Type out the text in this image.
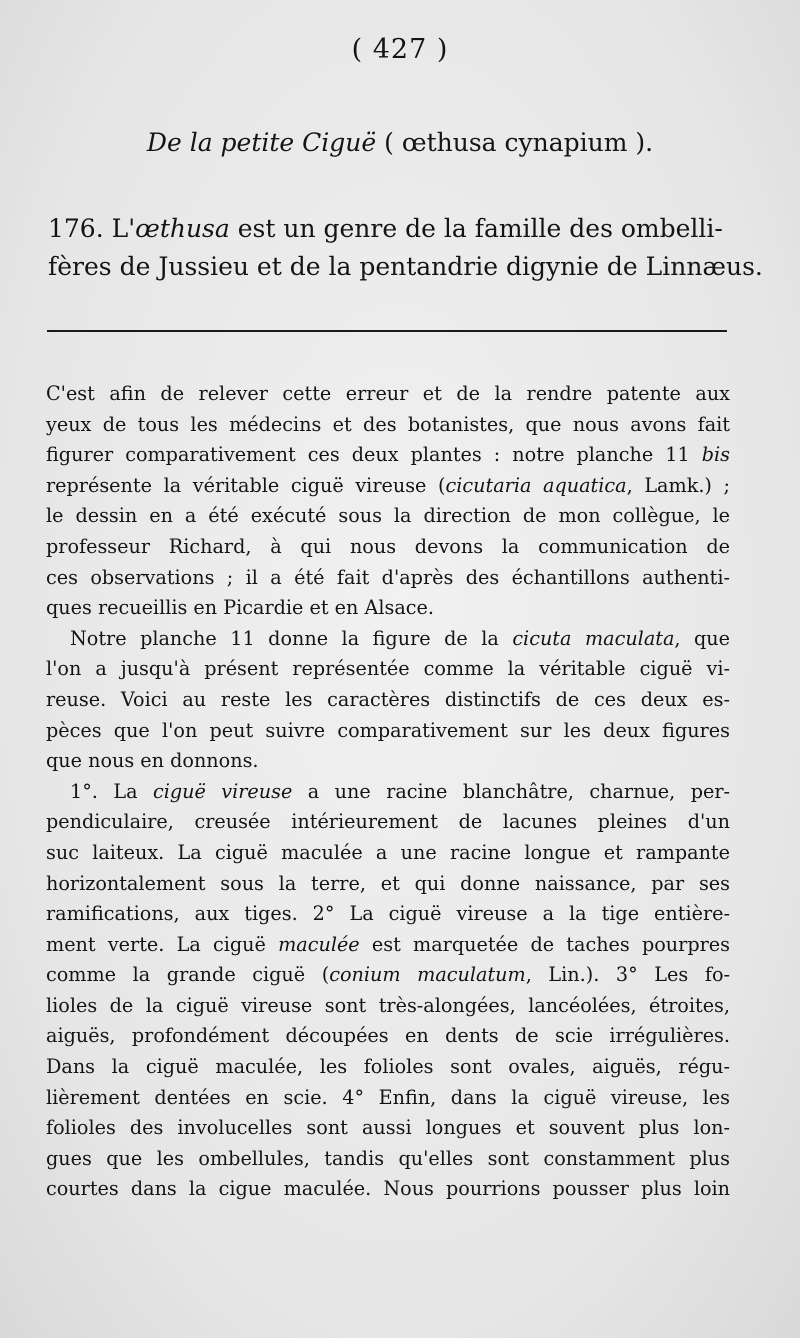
( 427 )
De la petite Ciguë ( œthusa cynapium ).
176. L'œthusa est un genre de la famille des ombelli-
fères de Jussieu et de la pentandrie digynie de Linnæus.
C'est afin de relever cette erreur et de la rendre patente aux
yeux de tous les médecins et des botanistes, que nous avons fait
figurer comparativement ces deux plantes : notre planche 11 bis
représente la véritable ciguë vireuse (cicutaria aquatica, Lamk.) ;
le dessin en a été exécuté sous la direction de mon collègue, le
professeur Richard, à qui nous devons la communication de
ces observations ; il a été fait d'après des échantillons authenti-
ques recueillis en Picardie et en Alsace.
Notre planche 11 donne la figure de la cicuta maculata, que
l'on a jusqu'à présent représentée comme la véritable ciguë vi-
reuse. Voici au reste les caractères distinctifs de ces deux es-
pèces que l'on peut suivre comparativement sur les deux figures
que nous en donnons.
1°. La ciguë vireuse a une racine blanchâtre, charnue, per-
pendiculaire, creusée intérieurement de lacunes pleines d'un
suc laiteux. La ciguë maculée a une racine longue et rampante
horizontalement sous la terre, et qui donne naissance, par ses
ramifications, aux tiges. 2° La ciguë vireuse a la tige entière-
ment verte. La ciguë maculée est marquetée de taches pourpres
comme la grande ciguë (conium maculatum, Lin.). 3° Les fo-
lioles de la ciguë vireuse sont très-alongées, lancéolées, étroites,
aiguës, profondément découpées en dents de scie irrégulières.
Dans la ciguë maculée, les folioles sont ovales, aiguës, régu-
lièrement dentées en scie. 4° Enfin, dans la ciguë vireuse, les
folioles des involucelles sont aussi longues et souvent plus lon-
gues que les ombellules, tandis qu'elles sont constamment plus
courtes dans la cigue maculée. Nous pourrions pousser plus loin
